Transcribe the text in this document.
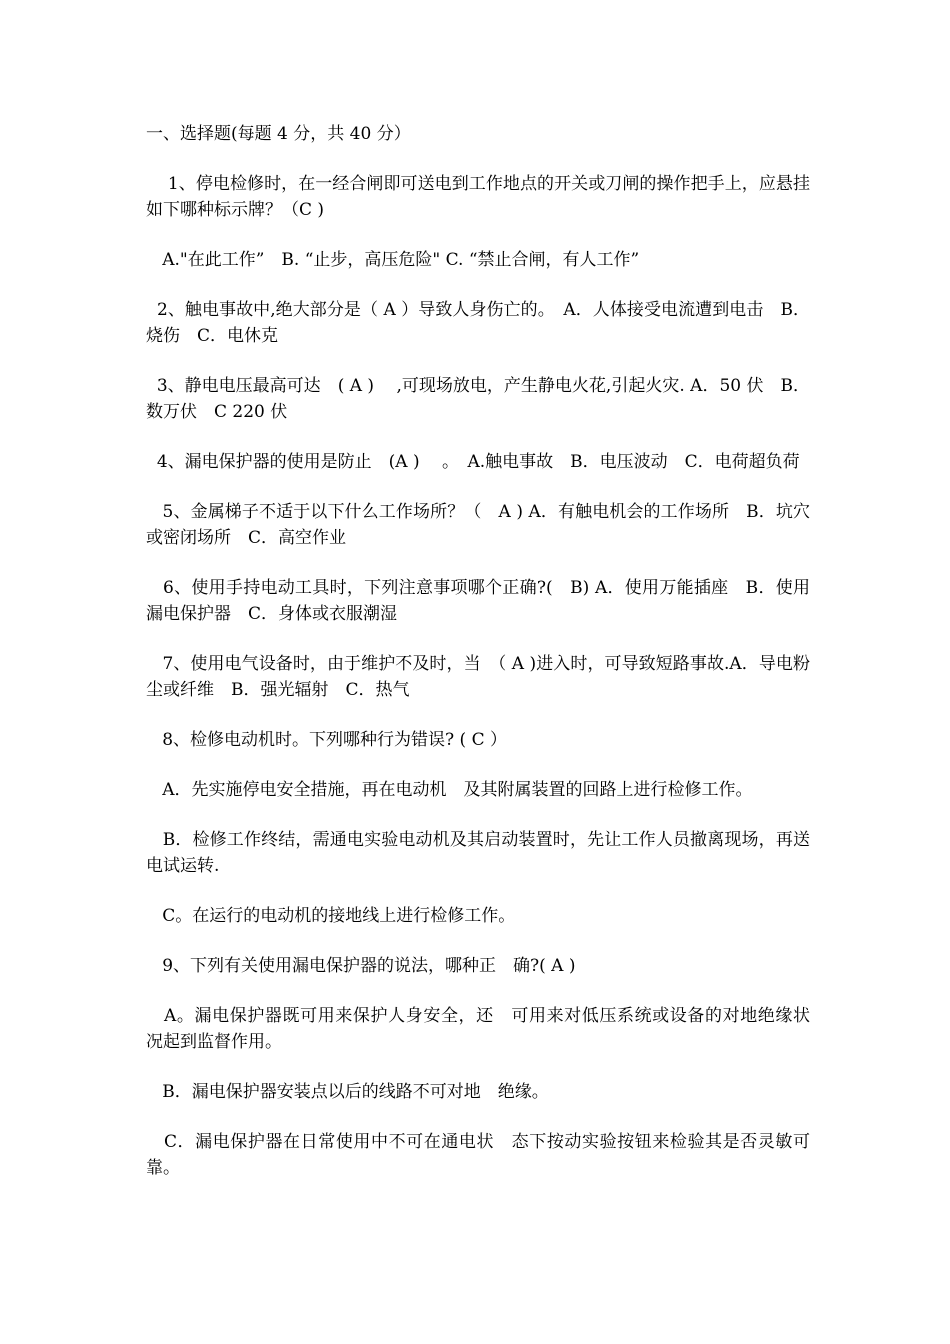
一、选择题(每题 4 分，共 40 分）

1、停电检修时，在一经合闸即可送电到工作地点的开关或刀闸的操作把手上，应悬挂如下哪种标示牌？（C )

A."在此工作”　B. “止步，高压危险" C. “禁止合闸，有人工作”

2、触电事故中,绝大部分是（ A ）导致人身伤亡的。　A．人体接受电流遭到电击　B．烧伤　C．电休克

3、静电电压最高可达　( A )　 ,可现场放电，产生静电火花,引起火灾. A．50 伏　B．数万伏　C 220 伏

4、漏电保护器的使用是防止　(A )　 。　A.触电事故　B．电压波动　C．电荷超负荷

5、金属梯子不适于以下什么工作场所？（　A ) A．有触电机会的工作场所　B．坑穴或密闭场所　C．高空作业

6、使用手持电动工具时，下列注意事项哪个正确?(　B) A．使用万能插座　B．使用漏电保护器　C．身体或衣服潮湿

7、使用电气设备时，由于维护不及时，当　（ A )进入时，可导致短路事故.A．导电粉尘或纤维　B．强光辐射　C．热气

8、检修电动机时。下列哪种行为错误? ( C ）

A．先实施停电安全措施，再在电动机　及其附属装置的回路上进行检修工作。

B．检修工作终结，需通电实验电动机及其启动装置时，先让工作人员撤离现场，再送电试运转.

C。在运行的电动机的接地线上进行检修工作。

9、下列有关使用漏电保护器的说法，哪种正　确?( A )

A。漏电保护器既可用来保护人身安全，还　可用来对低压系统或设备的对地绝缘状　况起到监督作用。

B．漏电保护器安装点以后的线路不可对地　绝缘。

C．漏电保护器在日常使用中不可在通电状　态下按动实验按钮来检验其是否灵敏可靠。
